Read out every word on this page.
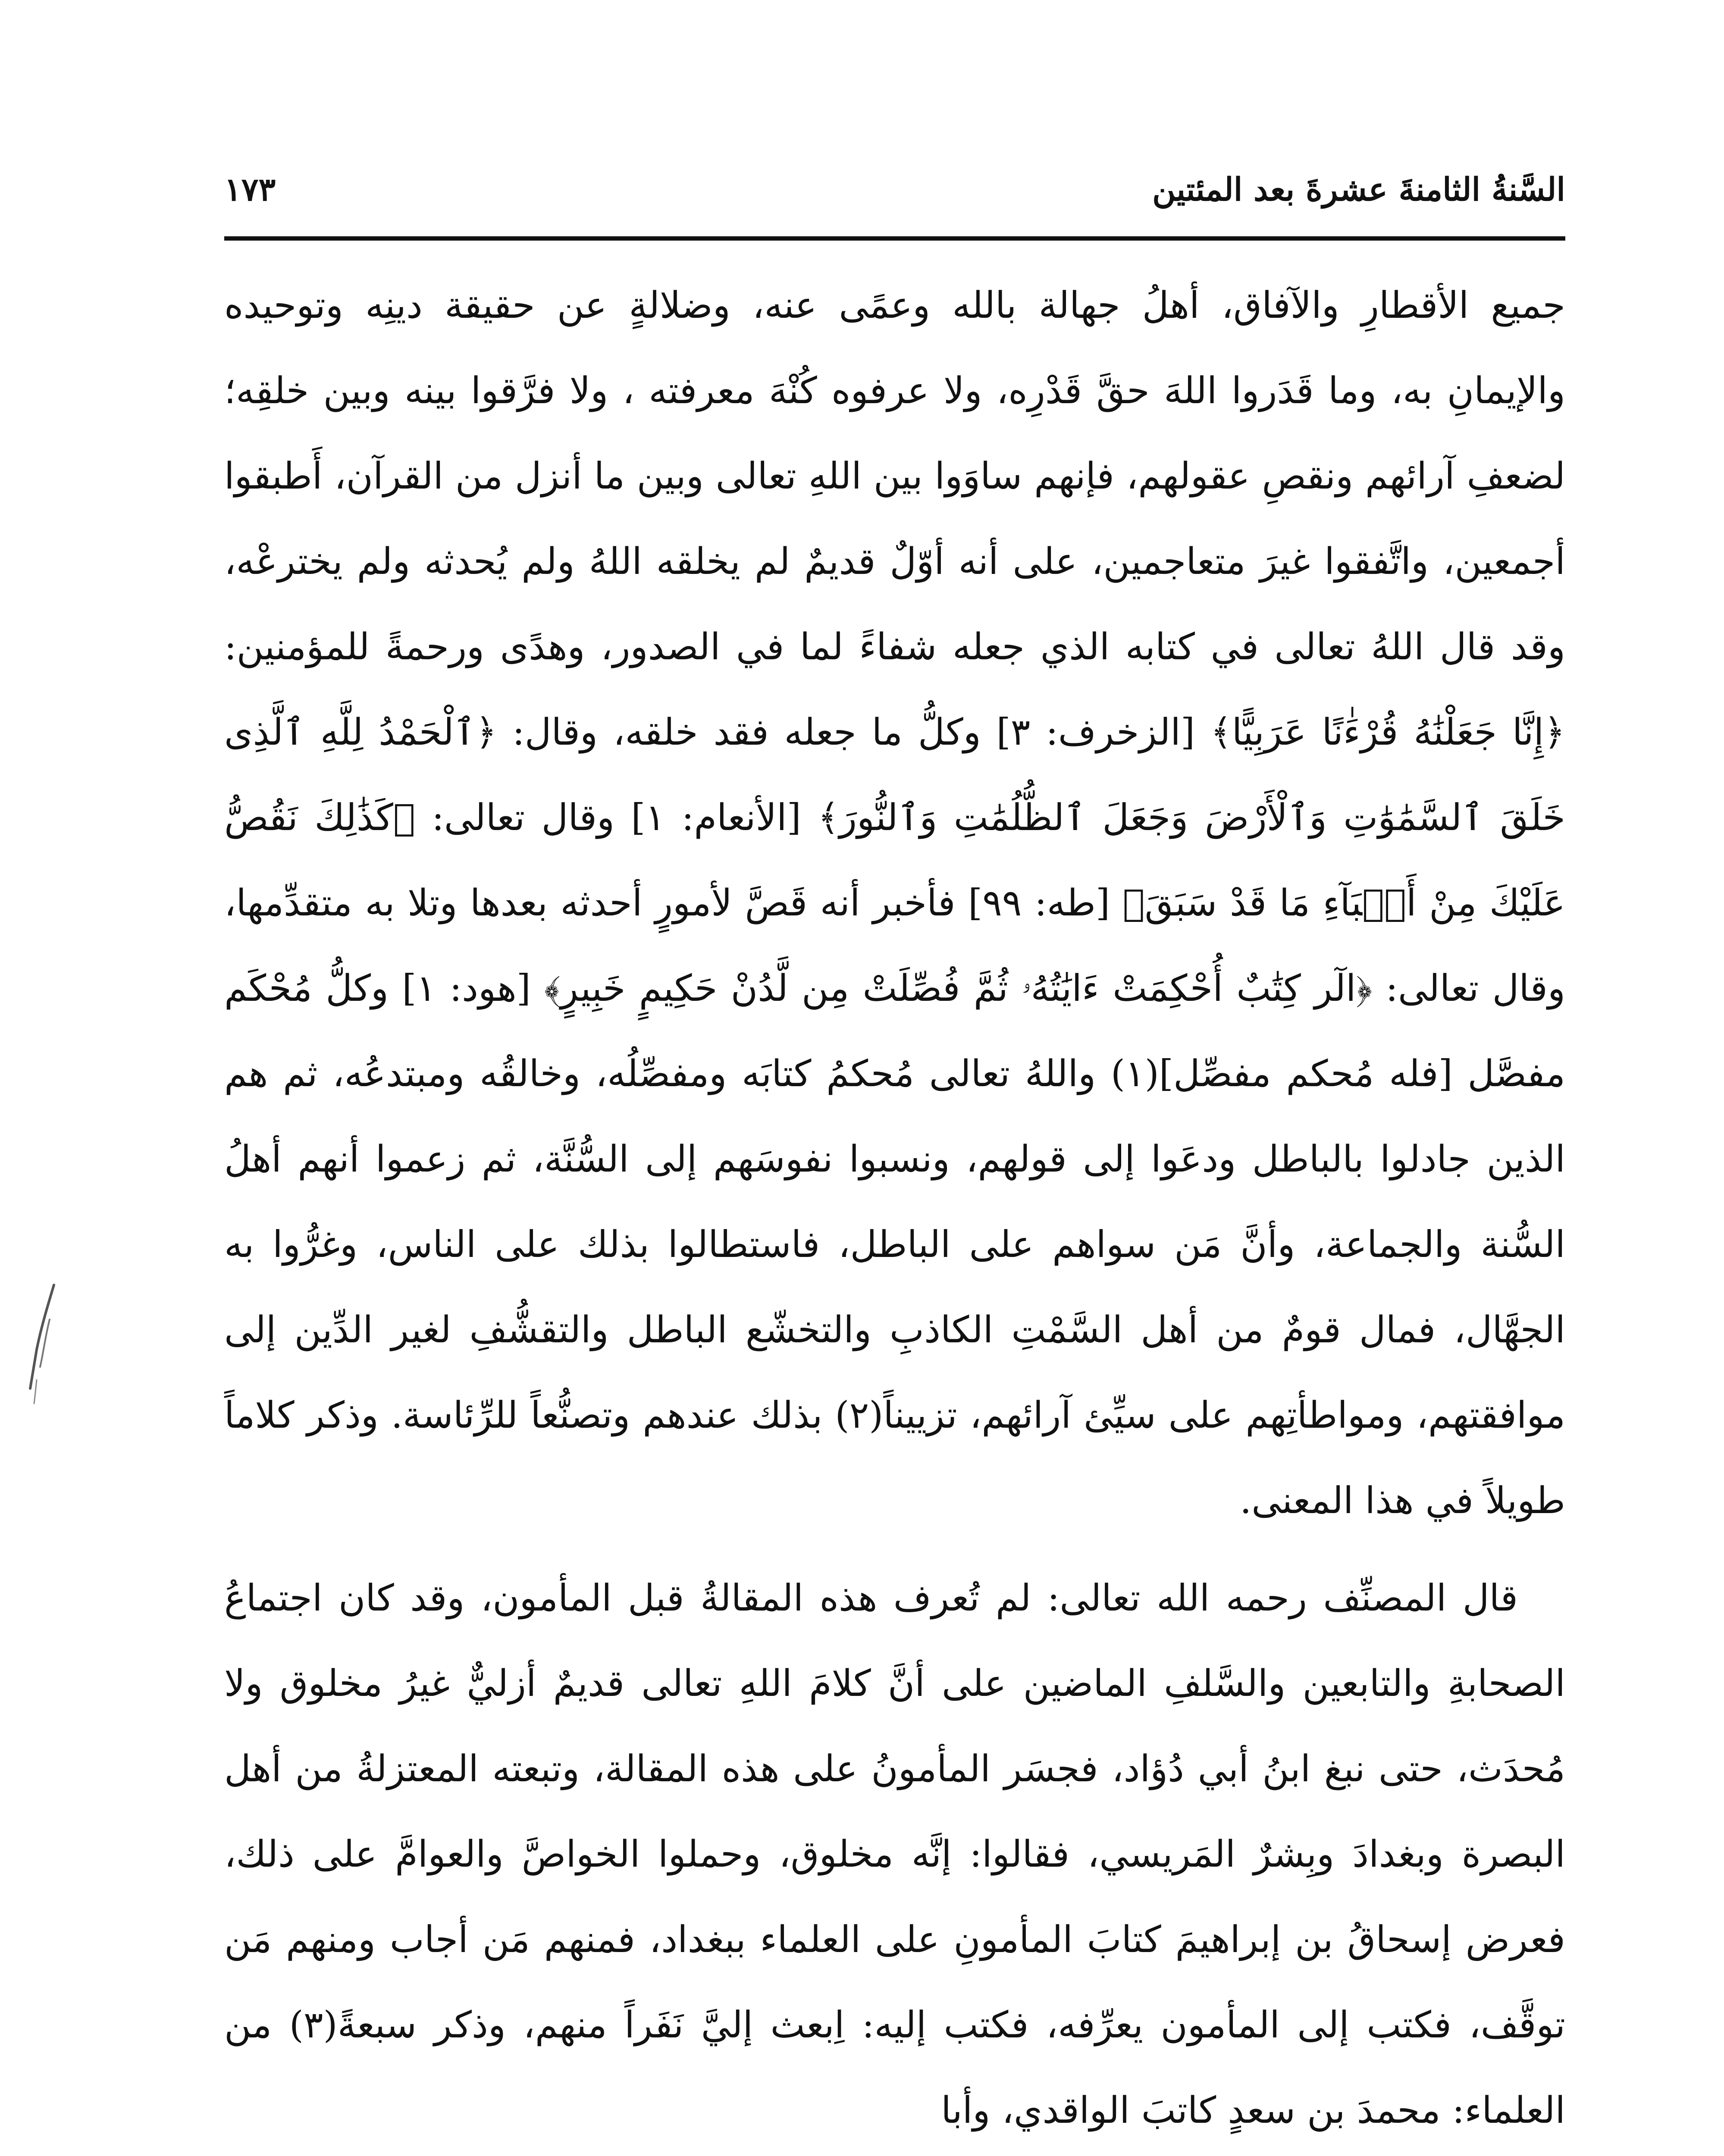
السَّنةُ الثامنةَ عشرةَ بعد المئتين
١٧٣

جميع الأقطارِ والآفاق، أهلُ جهالة بالله وعمًى عنه، وضلالةٍ عن حقيقة دينِه وتوحيده والإيمانِ به، وما قَدَروا اللهَ حقَّ قَدْرِه، ولا عرفوه كُنْهَ معرفته ، ولا فرَّقوا بينه وبين خلقِه؛ لضعفِ آرائهم ونقصِ عقولهم، فإنهم ساوَوا بين اللهِ تعالى وبين ما أنزل من القرآن، أَطبقوا أجمعين، واتَّفقوا غيرَ متعاجمين، على أنه أوّلٌ قديمٌ لم يخلقه اللهُ ولم يُحدثه ولم يخترعْه، وقد قال اللهُ تعالى في كتابه الذي جعله شفاءً لما في الصدور، وهدًى ورحمةً للمؤمنين: ﴿إِنَّا جَعَلْنَٰهُ قُرْءَٰنًا عَرَبِيًّا﴾ [الزخرف: ٣] وكلُّ ما جعله فقد خلقه، وقال: ﴿ٱلْحَمْدُ لِلَّهِ ٱلَّذِى خَلَقَ ٱلسَّمَٰوَٰتِ وَٱلْأَرْضَ وَجَعَلَ ٱلظُّلُمَٰتِ وَٱلنُّورَ﴾ [الأنعام: ١] وقال تعالى: ﴿كَذَٰلِكَ نَقُصُّ عَلَيْكَ مِنْ أَنۢبَآءِ مَا قَدْ سَبَقَ﴾ [طه: ٩٩] فأخبر أنه قَصَّ لأمورٍ أحدثه بعدها وتلا به متقدِّمها، وقال تعالى: ﴿الٓر كِتَٰبٌ أُحْكِمَتْ ءَايَٰتُهُۥ ثُمَّ فُصِّلَتْ مِن لَّدُنْ حَكِيمٍ خَبِيرٍ﴾ [هود: ١] وكلُّ مُحْكَم مفصَّل [فله مُحكم مفصِّل](١) واللهُ تعالى مُحكمُ كتابَه ومفصِّلُه، وخالقُه ومبتدعُه، ثم هم الذين جادلوا بالباطل ودعَوا إلى قولهم، ونسبوا نفوسَهم إلى السُّنَّة، ثم زعموا أنهم أهلُ السُّنة والجماعة، وأنَّ مَن سواهم على الباطل، فاستطالوا بذلك على الناس، وغرُّوا به الجهَّال، فمال قومٌ من أهل السَّمْتِ الكاذبِ والتخشّع الباطل والتقشُّفِ لغير الدِّين إلى موافقتهم، ومواطأتِهم على سيِّئ آرائهم، تزييناً(٢) بذلك عندهم وتصنُّعاً للرِّئاسة. وذكر كلاماً طويلاً في هذا المعنى.

قال المصنِّف رحمه الله تعالى: لم تُعرف هذه المقالةُ قبل المأمون، وقد كان اجتماعُ الصحابةِ والتابعين والسَّلفِ الماضين على أنَّ كلامَ اللهِ تعالى قديمٌ أزليٌّ غيرُ مخلوق ولا مُحدَث، حتى نبغ ابنُ أبي دُؤاد، فجسَر المأمونُ على هذه المقالة، وتبعته المعتزلةُ من أهل البصرة وبغدادَ وبِشرٌ المَريسي، فقالوا: إنَّه مخلوق، وحملوا الخواصَّ والعوامَّ على ذلك، فعرض إسحاقُ بن إبراهيمَ كتابَ المأمونِ على العلماء ببغداد، فمنهم مَن أجاب ومنهم مَن توقَّف، فكتب إلى المأمون يعرِّفه، فكتب إليه: اِبعث إليَّ نَفَراً منهم، وذكر سبعةً(٣) من العلماء: محمدَ بن سعدٍ كاتبَ الواقدي، وأبا
